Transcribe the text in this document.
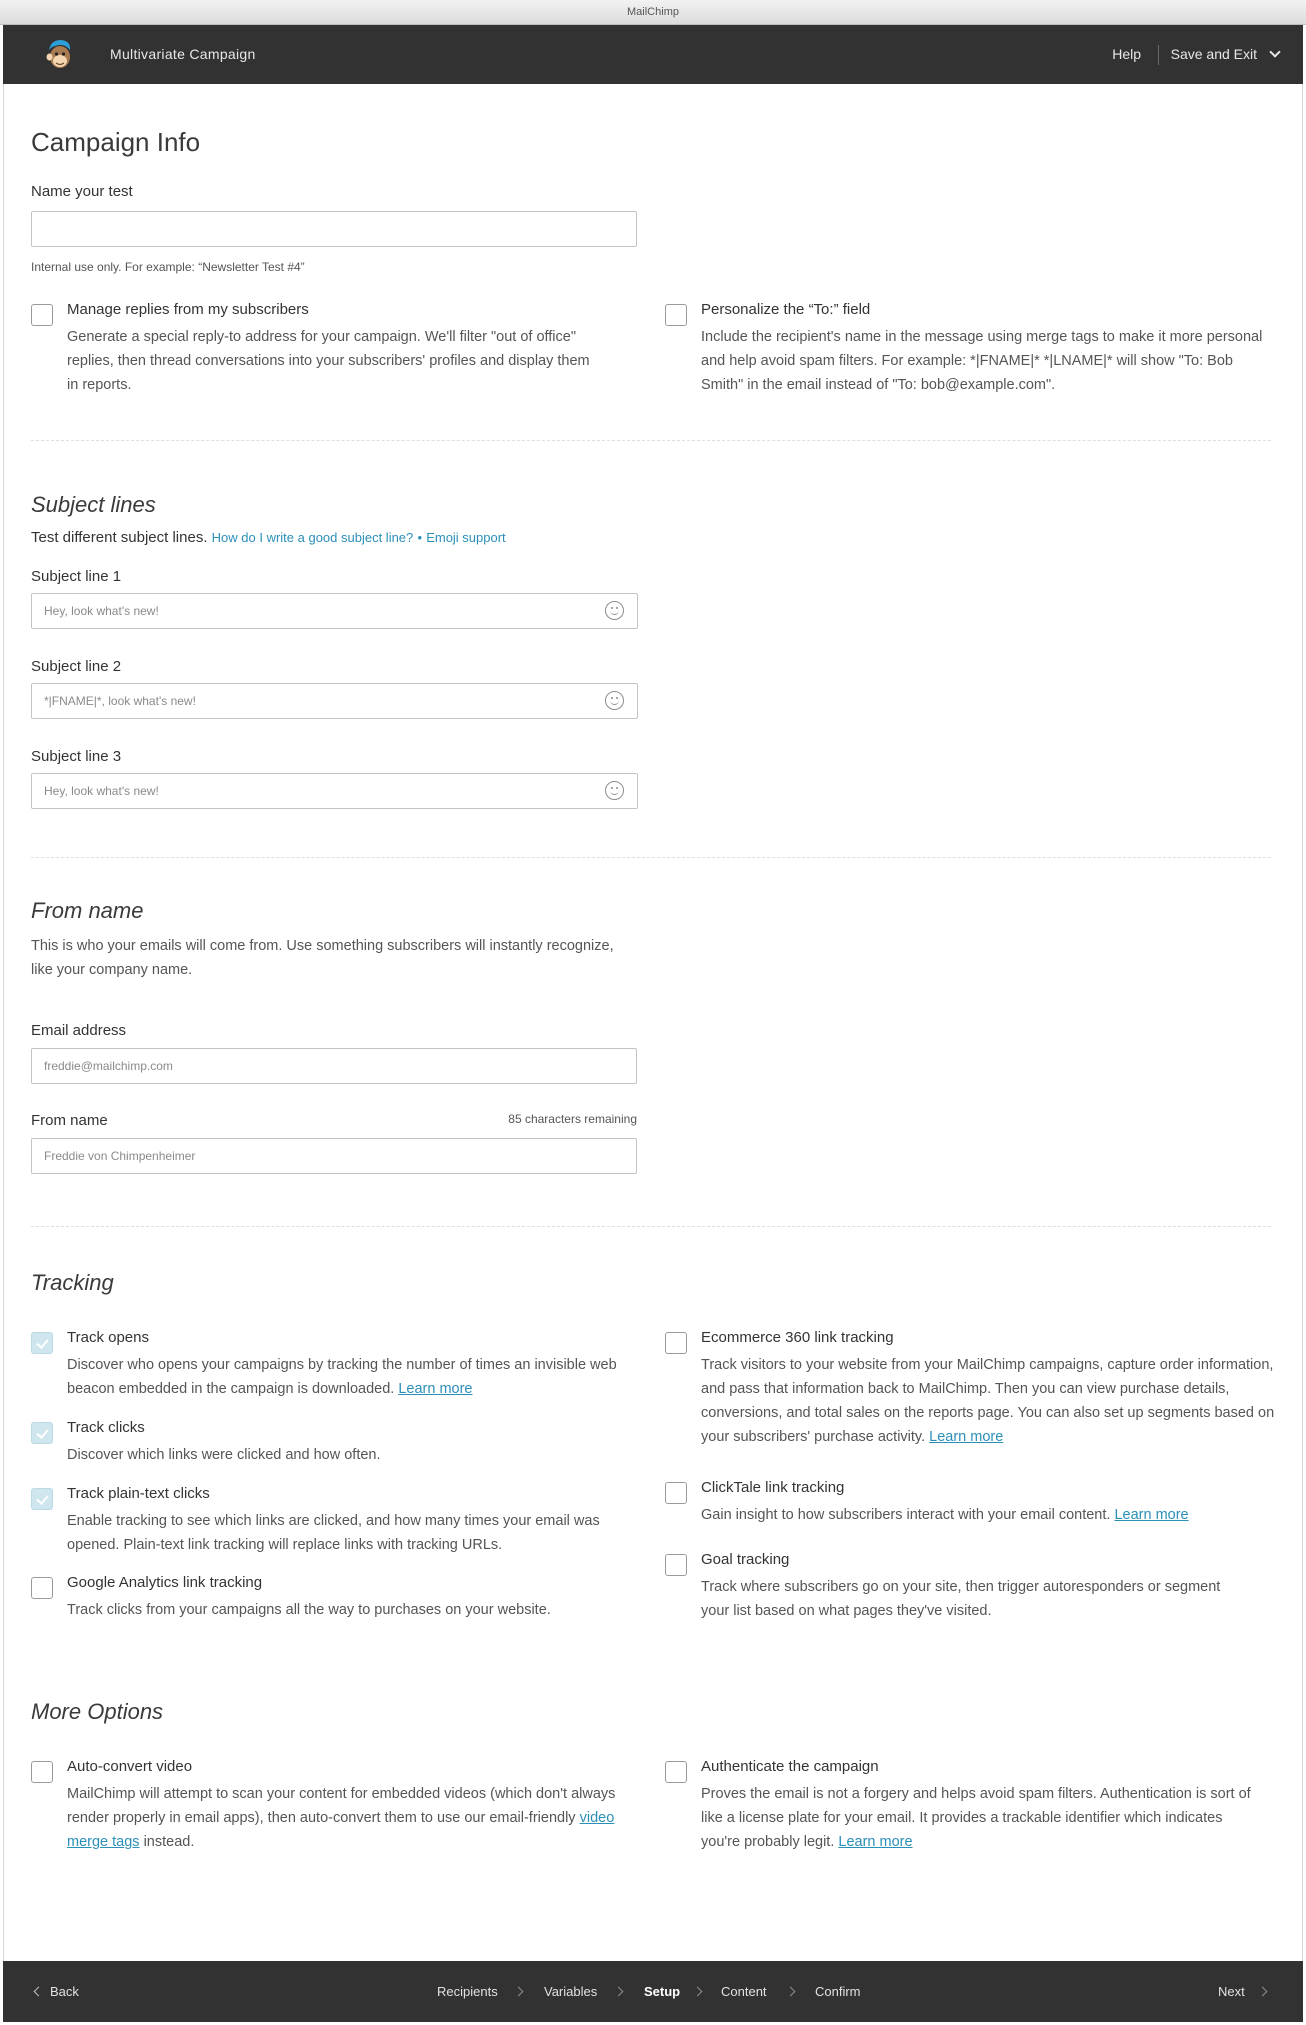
MailChimp
Multivariate Campaign	Help Save and Exit
Campaign Info
Name your test
Internal use only. For example: “Newsletter Test #4”
Manage replies from my subscribers
Generate a special reply-to address for your campaign. We'll filter "out of office" replies, then thread conversations into your subscribers' profiles and display them in reports.
Personalize the “To:” field
Include the recipient's name in the message using merge tags to make it more personal and help avoid spam filters. For example: *|FNAME|* *|LNAME|* will show "To: Bob Smith" in the email instead of "To: bob@example.com".
Subject lines
Test different subject lines. How do I write a good subject line? • Emoji support
Subject line 1
Hey, look what's new!
Subject line 2
*|FNAME|*, look what's new!
Subject line 3
Hey, look what's new!
From name
This is who your emails will come from. Use something subscribers will instantly recognize, like your company name.
Email address
freddie@mailchimp.com
From name	85 characters remaining
Freddie von Chimpenheimer
Tracking
Track opens
Discover who opens your campaigns by tracking the number of times an invisible web beacon embedded in the campaign is downloaded. Learn more
Track clicks
Discover which links were clicked and how often.
Track plain-text clicks
Enable tracking to see which links are clicked, and how many times your email was opened. Plain-text link tracking will replace links with tracking URLs.
Google Analytics link tracking
Track clicks from your campaigns all the way to purchases on your website.
Ecommerce 360 link tracking
Track visitors to your website from your MailChimp campaigns, capture order information, and pass that information back to MailChimp. Then you can view purchase details, conversions, and total sales on the reports page. You can also set up segments based on your subscribers' purchase activity. Learn more
ClickTale link tracking
Gain insight to how subscribers interact with your email content. Learn more
Goal tracking
Track where subscribers go on your site, then trigger autoresponders or segment your list based on what pages they've visited.
More Options
Auto-convert video
MailChimp will attempt to scan your content for embedded videos (which don't always render properly in email apps), then auto-convert them to use our email-friendly video merge tags instead.
Authenticate the campaign
Proves the email is not a forgery and helps avoid spam filters. Authentication is sort of like a license plate for your email. It provides a trackable identifier which indicates you're probably legit. Learn more
Back	Recipients	Variables	Setup	Content	Confirm	Next
